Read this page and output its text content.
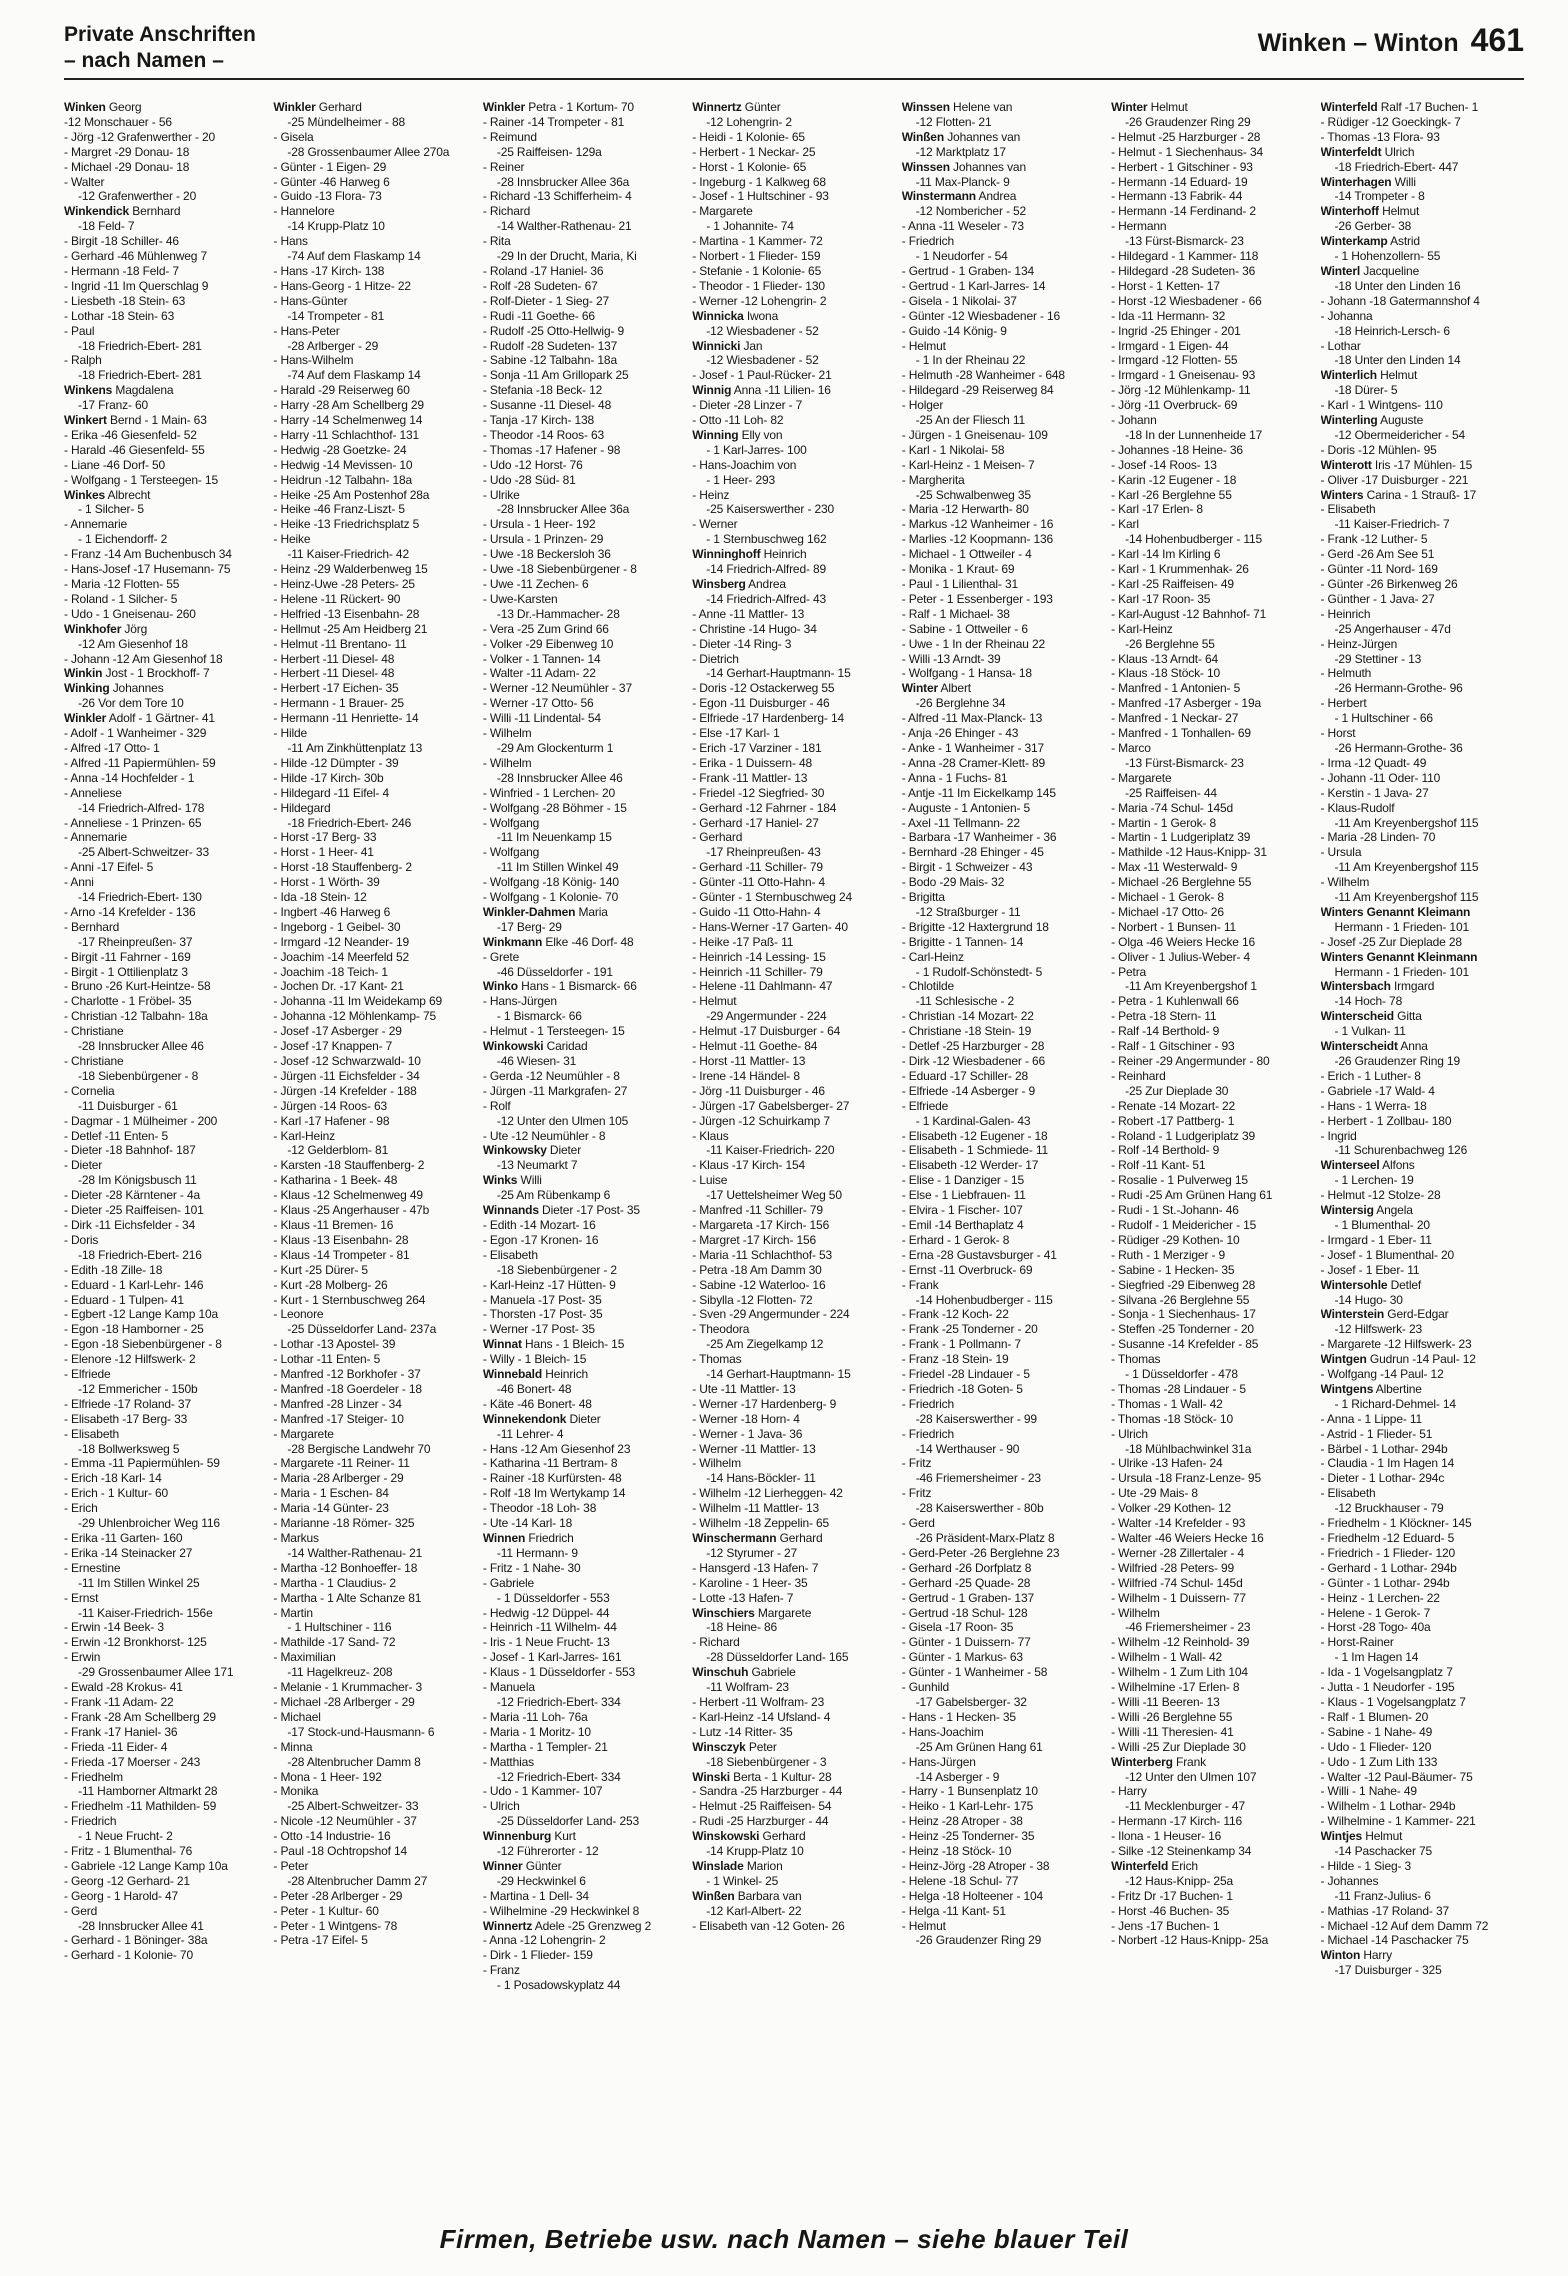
Private Anschriften
– nach Namen –
Winken – Winton 461
Winken Georg
-12 Monschauer - 56
- Jörg -12 Grafenwerther - 20
- Margret -29 Donau- 18
- Michael -29 Donau- 18
- Walter
-12 Grafenwerther - 20
Winkendick Bernhard
-18 Feld- 7
- Birgit -18 Schiller- 46
- Gerhard -46 Mühlenweg 7
- Hermann -18 Feld- 7
- Ingrid -11 Im Querschlag 9
- Liesbeth -18 Stein- 63
- Lothar -18 Stein- 63
- Paul
-18 Friedrich-Ebert- 281
- Ralph
-18 Friedrich-Ebert- 281
Winkens Magdalena
-17 Franz- 60
Winkert Bernd - 1 Main- 63
- Erika -46 Giesenfeld- 52
- Harald -46 Giesenfeld- 55
- Liane -46 Dorf- 50
- Wolfgang - 1 Tersteegen- 15
Winkes Albrecht
- 1 Silcher- 5
- Annemarie
- 1 Eichendorff- 2
- Franz -14 Am Buchenbusch 34
- Hans-Josef -17 Husemann- 75
- Maria -12 Flotten- 55
- Roland - 1 Silcher- 5
- Udo - 1 Gneisenau- 260
Winkhofer Jörg
-12 Am Giesenhof 18
- Johann -12 Am Giesenhof 18
Winkin Jost - 1 Brockhoff- 7
Winking Johannes
-26 Vor dem Tore 10
Winkler Adolf - 1 Gärtner- 41
- Adolf - 1 Wanheimer - 329
- Alfred -17 Otto- 1
- Alfred -11 Papiermühlen- 59
- Anna -14 Hochfelder - 1
- Anneliese
-14 Friedrich-Alfred- 178
- Anneliese - 1 Prinzen- 65
- Annemarie
-25 Albert-Schweitzer- 33
- Anni -17 Eifel- 5
- Anni
-14 Friedrich-Ebert- 130
- Arno -14 Krefelder - 136
- Bernhard
-17 Rheinpreußen- 37
- Birgit -11 Fahrner - 169
- Birgit - 1 Ottilienplatz 3
- Bruno -26 Kurt-Heintze- 58
- Charlotte - 1 Fröbel- 35
- Christian -12 Talbahn- 18a
- Christiane
-28 Innsbrucker Allee 46
- Christiane
-18 Siebenbürgener - 8
- Cornelia
-11 Duisburger - 61
- Dagmar - 1 Mülheimer - 200
- Detlef -11 Enten- 5
- Dieter -18 Bahnhof- 187
- Dieter
-28 Im Königsbusch 11
- Dieter -28 Kärntener - 4a
- Dieter -25 Raiffeisen- 101
- Dirk -11 Eichsfelder - 34
- Doris
-18 Friedrich-Ebert- 216
- Edith -18 Zille- 18
- Eduard - 1 Karl-Lehr- 146
- Eduard - 1 Tulpen- 41
- Egbert -12 Lange Kamp 10a
- Egon -18 Hamborner - 25
- Egon -18 Siebenbürgener - 8
- Elenore -12 Hilfswerk- 2
- Elfriede
-12 Emmericher - 150b
- Elfriede -17 Roland- 37
- Elisabeth -17 Berg- 33
- Elisabeth
-18 Bollwerksweg 5
- Emma -11 Papiermühlen- 59
- Erich -18 Karl- 14
- Erich - 1 Kultur- 60
- Erich
-29 Uhlenbroicher Weg 116
- Erika -11 Garten- 160
- Erika -14 Steinacker 27
- Ernestine
-11 Im Stillen Winkel 25
- Ernst
-11 Kaiser-Friedrich- 156e
- Erwin -14 Beek- 3
- Erwin -12 Bronkhorst- 125
- Erwin
-29 Grossenbaumer Allee 171
- Ewald -28 Krokus- 41
- Frank -11 Adam- 22
- Frank -28 Am Schellberg 29
- Frank -17 Haniel- 36
- Frieda -11 Eider- 4
- Frieda -17 Moerser - 243
- Friedhelm
-11 Hamborner Altmarkt 28
- Friedhelm -11 Mathilden- 59
- Friedrich
- 1 Neue Frucht- 2
- Fritz - 1 Blumenthal- 76
- Gabriele -12 Lange Kamp 10a
- Georg -12 Gerhard- 21
- Georg - 1 Harold- 47
- Gerd
-28 Innsbrucker Allee 41
- Gerhard - 1 Böninger- 38a
- Gerhard - 1 Kolonie- 70
Winkler Gerhard
-25 Mündelheimer - 88
- Gisela
-28 Grossenbaumer Allee 270a
- Günter - 1 Eigen- 29
- Günter -46 Harweg 6
- Guido -13 Flora- 73
- Hannelore
-14 Krupp-Platz 10
- Hans
-74 Auf dem Flaskamp 14
- Hans -17 Kirch- 138
- Hans-Georg - 1 Hitze- 22
- Hans-Günter
-14 Trompeter - 81
- Hans-Peter
-28 Arlberger - 29
- Hans-Wilhelm
-74 Auf dem Flaskamp 14
- Harald -29 Reiserweg 60
- Harry -28 Am Schellberg 29
- Harry -14 Schelmenweg 14
- Harry -11 Schlachthof- 131
- Hedwig -28 Goetzke- 24
- Hedwig -14 Mevissen- 10
- Heidrun -12 Talbahn- 18a
- Heike -25 Am Postenhof 28a
- Heike -46 Franz-Liszt- 5
- Heike -13 Friedrichsplatz 5
- Heike
-11 Kaiser-Friedrich- 42
- Heinz -29 Walderbenweg 15
- Heinz-Uwe -28 Peters- 25
- Helene -11 Rückert- 90
- Helfried -13 Eisenbahn- 28
- Hellmut -25 Am Heidberg 21
- Helmut -11 Brentano- 11
- Herbert -11 Diesel- 48
- Herbert -11 Diesel- 48
- Herbert -17 Eichen- 35
- Hermann - 1 Brauer- 25
- Hermann -11 Henriette- 14
- Hilde
-11 Am Zinkhüttenplatz 13
- Hilde -12 Dümpter - 39
- Hilde -17 Kirch- 30b
- Hildegard -11 Eifel- 4
- Hildegard
-18 Friedrich-Ebert- 246
- Horst -17 Berg- 33
- Horst - 1 Heer- 41
- Horst -18 Stauffenberg- 2
- Horst - 1 Wörth- 39
- Ida -18 Stein- 12
- Ingbert -46 Harweg 6
- Ingeborg - 1 Geibel- 30
- Irmgard -12 Neander- 19
- Joachim -14 Meerfeld 52
- Joachim -18 Teich- 1
- Jochen Dr. -17 Kant- 21
- Johanna -11 Im Weidekamp 69
- Johanna -12 Möhlenkamp- 75
- Josef -17 Asberger - 29
- Josef -17 Knappen- 7
- Josef -12 Schwarzwald- 10
- Jürgen -11 Eichsfelder - 34
- Jürgen -14 Krefelder - 188
- Jürgen -14 Roos- 63
- Karl -17 Hafener - 98
- Karl-Heinz
-12 Gelderblom- 81
- Karsten -18 Stauffenberg- 2
- Katharina - 1 Beek- 48
- Klaus -12 Schelmenweg 49
- Klaus -25 Angerhauser - 47b
- Klaus -11 Bremen- 16
- Klaus -13 Eisenbahn- 28
- Klaus -14 Trompeter - 81
- Kurt -25 Dürer- 5
- Kurt -28 Molberg- 26
- Kurt - 1 Sternbuschweg 264
- Leonore
-25 Düsseldorfer Land- 237a
- Lothar -13 Apostel- 39
- Lothar -11 Enten- 5
- Manfred -12 Borkhofer - 37
- Manfred -18 Goerdeler - 18
- Manfred -28 Linzer - 34
- Manfred -17 Steiger- 10
- Margarete
-28 Bergische Landwehr 70
- Margarete -11 Reiner- 11
- Maria -28 Arlberger - 29
- Maria - 1 Eschen- 84
- Maria -14 Günter- 23
- Marianne -18 Römer- 325
- Markus
-14 Walther-Rathenau- 21
- Martha -12 Bonhoeffer- 18
- Martha - 1 Claudius- 2
- Martha - 1 Alte Schanze 81
- Martin
- 1 Hultschiner - 116
- Mathilde -17 Sand- 72
- Maximilian
-11 Hagelkreuz- 208
- Melanie - 1 Krummacher- 3
- Michael -28 Arlberger - 29
- Michael
-17 Stock-und-Hausmann- 6
- Minna
-28 Altenbrucher Damm 8
- Mona - 1 Heer- 192
- Monika
-25 Albert-Schweitzer- 33
- Nicole -12 Neumühler - 37
- Otto -14 Industrie- 16
- Paul -18 Ochtropshof 14
- Peter
-28 Altenbrucher Damm 27
- Peter -28 Arlberger - 29
- Peter - 1 Kultur- 60
- Peter - 1 Wintgens- 78
- Petra -17 Eifel- 5
Winkler Petra - 1 Kortum- 70
- Rainer -14 Trompeter - 81
- Reimund
-25 Raiffeisen- 129a
- Reiner
-28 Innsbrucker Allee 36a
- Richard -13 Schifferheim- 4
- Richard
-14 Walther-Rathenau- 21
- Rita
-29 In der Drucht, Maria, Ki
- Roland -17 Haniel- 36
- Rolf -28 Sudeten- 67
- Rolf-Dieter - 1 Sieg- 27
- Rudi -11 Goethe- 66
- Rudolf -25 Otto-Hellwig- 9
- Rudolf -28 Sudeten- 137
- Sabine -12 Talbahn- 18a
- Sonja -11 Am Grillopark 25
- Stefania -18 Beck- 12
- Susanne -11 Diesel- 48
- Tanja -17 Kirch- 138
- Theodor -14 Roos- 63
- Thomas -17 Hafener - 98
- Udo -12 Horst- 76
- Udo -28 Süd- 81
- Ulrike
-28 Innsbrucker Allee 36a
- Ursula - 1 Heer- 192
- Ursula - 1 Prinzen- 29
- Uwe -18 Beckersloh 36
- Uwe -18 Siebenbürgener - 8
- Uwe -11 Zechen- 6
- Uwe-Karsten
-13 Dr.-Hammacher- 28
- Vera -25 Zum Grind 66
- Volker -29 Eibenweg 10
- Volker - 1 Tannen- 14
- Walter -11 Adam- 22
- Werner -12 Neumühler - 37
- Werner -17 Otto- 56
- Willi -11 Lindental- 54
- Wilhelm
-29 Am Glockenturm 1
- Wilhelm
-28 Innsbrucker Allee 46
- Winfried - 1 Lerchen- 20
- Wolfgang -28 Böhmer - 15
- Wolfgang
-11 Im Neuenkamp 15
- Wolfgang
-11 Im Stillen Winkel 49
- Wolfgang -18 König- 140
- Wolfgang - 1 Kolonie- 70
Winkler-Dahmen Maria
-17 Berg- 29
Winkmann Elke -46 Dorf- 48
- Grete
-46 Düsseldorfer - 191
Winko Hans - 1 Bismarck- 66
- Hans-Jürgen
- 1 Bismarck- 66
- Helmut - 1 Tersteegen- 15
Winkowski Caridad
-46 Wiesen- 31
- Gerda -12 Neumühler - 8
- Jürgen -11 Markgrafen- 27
- Rolf
-12 Unter den Ulmen 105
- Ute -12 Neumühler - 8
Winkowsky Dieter
-13 Neumarkt 7
Winks Willi
-25 Am Rübenkamp 6
Winnands Dieter -17 Post- 35
- Edith -14 Mozart- 16
- Egon -17 Kronen- 16
- Elisabeth
-18 Siebenbürgener - 2
- Karl-Heinz -17 Hütten- 9
- Manuela -17 Post- 35
- Thorsten -17 Post- 35
- Werner -17 Post- 35
Winnat Hans - 1 Bleich- 15
- Willy - 1 Bleich- 15
Winnebald Heinrich
-46 Bonert- 48
- Käte -46 Bonert- 48
Winnekendonk Dieter
-11 Lehrer- 4
- Hans -12 Am Giesenhof 23
- Katharina -11 Bertram- 8
- Rainer -18 Kurfürsten- 48
- Rolf -18 Im Wertykamp 14
- Theodor -18 Loh- 38
- Ute -14 Karl- 18
Winnen Friedrich
-11 Hermann- 9
- Fritz - 1 Nahe- 30
- Gabriele
- 1 Düsseldorfer - 553
- Hedwig -12 Düppel- 44
- Heinrich -11 Wilhelm- 44
- Iris - 1 Neue Frucht- 13
- Josef - 1 Karl-Jarres- 161
- Klaus - 1 Düsseldorfer - 553
- Manuela
-12 Friedrich-Ebert- 334
- Maria -11 Loh- 76a
- Maria - 1 Moritz- 10
- Martha - 1 Templer- 21
- Matthias
-12 Friedrich-Ebert- 334
- Udo - 1 Kammer- 107
- Ulrich
-25 Düsseldorfer Land- 253
Winnenburg Kurt
-12 Führerorter - 12
Winner Günter
-29 Heckwinkel 6
- Martina - 1 Dell- 34
- Wilhelmine -29 Heckwinkel 8
Winnertz Adele -25 Grenzweg 2
- Anna -12 Lohengrin- 2
- Dirk - 1 Flieder- 159
- Franz
- 1 Posadowskyplatz 44
Winnertz Günter
-12 Lohengrin- 2
- Heidi - 1 Kolonie- 65
- Herbert - 1 Neckar- 25
- Horst - 1 Kolonie- 65
- Ingeburg - 1 Kalkweg 68
- Josef - 1 Hultschiner - 93
- Margarete
- 1 Johannite- 74
- Martina - 1 Kammer- 72
- Norbert - 1 Flieder- 159
- Stefanie - 1 Kolonie- 65
- Theodor - 1 Flieder- 130
- Werner -12 Lohengrin- 2
Winnicka Iwona
-12 Wiesbadener - 52
Winnicki Jan
-12 Wiesbadener - 52
- Josef - 1 Paul-Rücker- 21
Winnig Anna -11 Lilien- 16
- Dieter -28 Linzer - 7
- Otto -11 Loh- 82
Winning Elly von
- 1 Karl-Jarres- 100
- Hans-Joachim von
- 1 Heer- 293
- Heinz
-25 Kaiserswerther - 230
- Werner
- 1 Sternbuschweg 162
Winninghoff Heinrich
-14 Friedrich-Alfred- 89
Winsberg Andrea
-14 Friedrich-Alfred- 43
- Anne -11 Mattler- 13
- Christine -14 Hugo- 34
- Dieter -14 Ring- 3
- Dietrich
-14 Gerhart-Hauptmann- 15
- Doris -12 Ostackerweg 55
- Egon -11 Duisburger - 46
- Elfriede -17 Hardenberg- 14
- Else -17 Karl- 1
- Erich -17 Varziner - 181
- Erika - 1 Duissern- 48
- Frank -11 Mattler- 13
- Friedel -12 Siegfried- 30
- Gerhard -12 Fahrner - 184
- Gerhard -17 Haniel- 27
- Gerhard
-17 Rheinpreußen- 43
- Gerhard -11 Schiller- 79
- Günter -11 Otto-Hahn- 4
- Günter - 1 Sternbuschweg 24
- Guido -11 Otto-Hahn- 4
- Hans-Werner -17 Garten- 40
- Heike -17 Paß- 11
- Heinrich -14 Lessing- 15
- Heinrich -11 Schiller- 79
- Helene -11 Dahlmann- 47
- Helmut
-29 Angermunder - 224
- Helmut -17 Duisburger - 64
- Helmut -11 Goethe- 84
- Horst -11 Mattler- 13
- Irene -14 Händel- 8
- Jörg -11 Duisburger - 46
- Jürgen -17 Gabelsberger- 27
- Jürgen -12 Schuirkamp 7
- Klaus
-11 Kaiser-Friedrich- 220
- Klaus -17 Kirch- 154
- Luise
-17 Uettelsheimer Weg 50
- Manfred -11 Schiller- 79
- Margareta -17 Kirch- 156
- Margret -17 Kirch- 156
- Maria -11 Schlachthof- 53
- Petra -18 Am Damm 30
- Sabine -12 Waterloo- 16
- Sibylla -12 Flotten- 72
- Sven -29 Angermunder - 224
- Theodora
-25 Am Ziegelkamp 12
- Thomas
-14 Gerhart-Hauptmann- 15
- Ute -11 Mattler- 13
- Werner -17 Hardenberg- 9
- Werner -18 Horn- 4
- Werner - 1 Java- 36
- Werner -11 Mattler- 13
- Wilhelm
-14 Hans-Böckler- 11
- Wilhelm -12 Lierheggen- 42
- Wilhelm -11 Mattler- 13
- Wilhelm -18 Zeppelin- 65
Winschermann Gerhard
-12 Styrumer - 27
- Hansgerd -13 Hafen- 7
- Karoline - 1 Heer- 35
- Lotte -13 Hafen- 7
Winschiers Margarete
-18 Heine- 86
- Richard
-28 Düsseldorfer Land- 165
Winschuh Gabriele
-11 Wolfram- 23
- Herbert -11 Wolfram- 23
- Karl-Heinz -14 Ufsland- 4
- Lutz -14 Ritter- 35
Winsczyk Peter
-18 Siebenbürgener - 3
Winski Berta - 1 Kultur- 28
- Sandra -25 Harzburger - 44
- Helmut -25 Raiffeisen- 54
- Rudi -25 Harzburger - 44
Winskowski Gerhard
-14 Krupp-Platz 10
Winslade Marion
- 1 Winkel- 25
Winßen Barbara van
-12 Karl-Albert- 22
- Elisabeth van -12 Goten- 26
Winssen Helene van
-12 Flotten- 21
Winßen Johannes van
-12 Marktplatz 17
Winssen Johannes van
-11 Max-Planck- 9
Winstermann Andrea
-12 Nombericher - 52
- Anna -11 Weseler - 73
- Friedrich
- 1 Neudorfer - 54
- Gertrud - 1 Graben- 134
- Gertrud - 1 Karl-Jarres- 14
- Gisela - 1 Nikolai- 37
- Günter -12 Wiesbadener - 16
- Guido -14 König- 9
- Helmut
- 1 In der Rheinau 22
- Helmuth -28 Wanheimer - 648
- Hildegard -29 Reiserweg 84
- Holger
-25 An der Fliesch 11
- Jürgen - 1 Gneisenau- 109
- Karl - 1 Nikolai- 58
- Karl-Heinz - 1 Meisen- 7
- Margherita
-25 Schwalbenweg 35
- Maria -12 Herwarth- 80
- Markus -12 Wanheimer - 16
- Marlies -12 Koopmann- 136
- Michael - 1 Ottweiler - 4
- Monika - 1 Kraut- 69
- Paul - 1 Lilienthal- 31
- Peter - 1 Essenberger - 193
- Ralf - 1 Michael- 38
- Sabine - 1 Ottweiler - 6
- Uwe - 1 In der Rheinau 22
- Willi -13 Arndt- 39
- Wolfgang - 1 Hansa- 18
Winter Albert
-26 Berglehne 34
- Alfred -11 Max-Planck- 13
- Anja -26 Ehinger - 43
- Anke - 1 Wanheimer - 317
- Anna -28 Cramer-Klett- 89
- Anna - 1 Fuchs- 81
- Antje -11 Im Eickelkamp 145
- Auguste - 1 Antonien- 5
- Axel -11 Tellmann- 22
- Barbara -17 Wanheimer - 36
- Bernhard -28 Ehinger - 45
- Birgit - 1 Schweizer - 43
- Bodo -29 Mais- 32
- Brigitta
-12 Straßburger - 11
- Brigitte -12 Haxtergrund 18
- Brigitte - 1 Tannen- 14
- Carl-Heinz
- 1 Rudolf-Schönstedt- 5
- Chlotilde
-11 Schlesische - 2
- Christian -14 Mozart- 22
- Christiane -18 Stein- 19
- Detlef -25 Harzburger - 28
- Dirk -12 Wiesbadener - 66
- Eduard -17 Schiller- 28
- Elfriede -14 Asberger - 9
- Elfriede
- 1 Kardinal-Galen- 43
- Elisabeth -12 Eugener - 18
- Elisabeth - 1 Schmiede- 11
- Elisabeth -12 Werder- 17
- Elise - 1 Danziger - 15
- Else - 1 Liebfrauen- 11
- Elvira - 1 Fischer- 107
- Emil -14 Berthaplatz 4
- Erhard - 1 Gerok- 8
- Erna -28 Gustavsburger - 41
- Ernst -11 Overbruck- 69
- Frank
-14 Hohenbudberger - 115
- Frank -12 Koch- 22
- Frank -25 Tonderner - 20
- Frank - 1 Pollmann- 7
- Franz -18 Stein- 19
- Friedel -28 Lindauer - 5
- Friedrich -18 Goten- 5
- Friedrich
-28 Kaiserswerther - 99
- Friedrich
-14 Werthauser - 90
- Fritz
-46 Friemersheimer - 23
- Fritz
-28 Kaiserswerther - 80b
- Gerd
-26 Präsident-Marx-Platz 8
- Gerd-Peter -26 Berglehne 23
- Gerhard -26 Dorfplatz 8
- Gerhard -25 Quade- 28
- Gertrud - 1 Graben- 137
- Gertrud -18 Schul- 128
- Gisela -17 Roon- 35
- Günter - 1 Duissern- 77
- Günter - 1 Markus- 63
- Günter - 1 Wanheimer - 58
- Gunhild
-17 Gabelsberger- 32
- Hans - 1 Hecken- 35
- Hans-Joachim
-25 Am Grünen Hang 61
- Hans-Jürgen
-14 Asberger - 9
- Harry - 1 Bunsenplatz 10
- Heiko - 1 Karl-Lehr- 175
- Heinz -28 Atroper - 38
- Heinz -25 Tonderner- 35
- Heinz -18 Stöck- 10
- Heinz-Jörg -28 Atroper - 38
- Helene -18 Schul- 77
- Helga -18 Holteener - 104
- Helga -11 Kant- 51
- Helmut
-26 Graudenzer Ring 29
Winter Helmut
-26 Graudenzer Ring 29
- Helmut -25 Harzburger - 28
- Helmut - 1 Siechenhaus- 34
- Herbert - 1 Gitschiner - 93
- Hermann -14 Eduard- 19
- Hermann -13 Fabrik- 44
- Hermann -14 Ferdinand- 2
- Hermann
-13 Fürst-Bismarck- 23
- Hildegard - 1 Kammer- 118
- Hildegard -28 Sudeten- 36
- Horst - 1 Ketten- 17
- Horst -12 Wiesbadener - 66
- Ida -11 Hermann- 32
- Ingrid -25 Ehinger - 201
- Irmgard - 1 Eigen- 44
- Irmgard -12 Flotten- 55
- Irmgard - 1 Gneisenau- 93
- Jörg -12 Mühlenkamp- 11
- Jörg -11 Overbruck- 69
- Johann
-18 In der Lunnenheide 17
- Johannes -18 Heine- 36
- Josef -14 Roos- 13
- Karin -12 Eugener - 18
- Karl -26 Berglehne 55
- Karl -17 Erlen- 8
- Karl
-14 Hohenbudberger - 115
- Karl -14 Im Kirling 6
- Karl - 1 Krummenhak- 26
- Karl -25 Raiffeisen- 49
- Karl -17 Roon- 35
- Karl-August -12 Bahnhof- 71
- Karl-Heinz
-26 Berglehne 55
- Klaus -13 Arndt- 64
- Klaus -18 Stöck- 10
- Manfred - 1 Antonien- 5
- Manfred -17 Asberger - 19a
- Manfred - 1 Neckar- 27
- Manfred - 1 Tonhallen- 69
- Marco
-13 Fürst-Bismarck- 23
- Margarete
-25 Raiffeisen- 44
- Maria -74 Schul- 145d
- Martin - 1 Gerok- 8
- Martin - 1 Ludgeriplatz 39
- Mathilde -12 Haus-Knipp- 31
- Max -11 Westerwald- 9
- Michael -26 Berglehne 55
- Michael - 1 Gerok- 8
- Michael -17 Otto- 26
- Norbert - 1 Bunsen- 11
- Olga -46 Weiers Hecke 16
- Oliver - 1 Julius-Weber- 4
- Petra
-11 Am Kreyenbergshof 1
- Petra - 1 Kuhlenwall 66
- Petra -18 Stern- 11
- Ralf -14 Berthold- 9
- Ralf - 1 Gitschiner - 93
- Reiner -29 Angermunder - 80
- Reinhard
-25 Zur Dieplade 30
- Renate -14 Mozart- 22
- Robert -17 Pattberg- 1
- Roland - 1 Ludgeriplatz 39
- Rolf -14 Berthold- 9
- Rolf -11 Kant- 51
- Rosalie - 1 Pulverweg 15
- Rudi -25 Am Grünen Hang 61
- Rudi - 1 St.-Johann- 46
- Rudolf - 1 Meidericher - 15
- Rüdiger -29 Kothen- 10
- Ruth - 1 Merziger - 9
- Sabine - 1 Hecken- 35
- Siegfried -29 Eibenweg 28
- Silvana -26 Berglehne 55
- Sonja - 1 Siechenhaus- 17
- Steffen -25 Tonderner - 20
- Susanne -14 Krefelder - 85
- Thomas
- 1 Düsseldorfer - 478
- Thomas -28 Lindauer - 5
- Thomas - 1 Wall- 42
- Thomas -18 Stöck- 10
- Ulrich
-18 Mühlbachwinkel 31a
- Ulrike -13 Hafen- 24
- Ursula -18 Franz-Lenze- 95
- Ute -29 Mais- 8
- Volker -29 Kothen- 12
- Walter -14 Krefelder - 93
- Walter -46 Weiers Hecke 16
- Werner -28 Zillertaler - 4
- Wilfried -28 Peters- 99
- Wilfried -74 Schul- 145d
- Wilhelm - 1 Duissern- 77
- Wilhelm
-46 Friemersheimer - 23
- Wilhelm -12 Reinhold- 39
- Wilhelm - 1 Wall- 42
- Wilhelm - 1 Zum Lith 104
- Wilhelmine -17 Erlen- 8
- Willi -11 Beeren- 13
- Willi -26 Berglehne 55
- Willi -11 Theresien- 41
- Willi -25 Zur Dieplade 30
Winterberg Frank
-12 Unter den Ulmen 107
- Harry
-11 Mecklenburger - 47
- Hermann -17 Kirch- 116
- Ilona - 1 Heuser- 16
- Silke -12 Steinenkamp 34
Winterfeld Erich
-12 Haus-Knipp- 25a
- Fritz Dr -17 Buchen- 1
- Horst -46 Buchen- 35
- Jens -17 Buchen- 1
- Norbert -12 Haus-Knipp- 25a
Winterfeld Ralf -17 Buchen- 1
- Rüdiger -12 Goeckingk- 7
- Thomas -13 Flora- 93
Winterfeldt Ulrich
-18 Friedrich-Ebert- 447
Winterhagen Willi
-14 Trompeter - 8
Winterhoff Helmut
-26 Gerber- 38
Winterkamp Astrid
- 1 Hohenzollern- 55
Winterl Jacqueline
-18 Unter den Linden 16
- Johann -18 Gatermannshof 4
- Johanna
-18 Heinrich-Lersch- 6
- Lothar
-18 Unter den Linden 14
Winterlich Helmut
-18 Dürer- 5
- Karl - 1 Wintgens- 110
Winterling Auguste
-12 Obermeidericher - 54
- Doris -12 Mühlen- 95
Winterott Iris -17 Mühlen- 15
- Oliver -17 Duisburger - 221
Winters Carina - 1 Strauß- 17
- Elisabeth
-11 Kaiser-Friedrich- 7
- Frank -12 Luther- 5
- Gerd -26 Am See 51
- Günter -11 Nord- 169
- Günter -26 Birkenweg 26
- Günther - 1 Java- 27
- Heinrich
-25 Angerhauser - 47d
- Heinz-Jürgen
-29 Stettiner - 13
- Helmuth
-26 Hermann-Grothe- 96
- Herbert
- 1 Hultschiner - 66
- Horst
-26 Hermann-Grothe- 36
- Irma -12 Quadt- 49
- Johann -11 Oder- 110
- Kerstin - 1 Java- 27
- Klaus-Rudolf
-11 Am Kreyenbergshof 115
- Maria -28 Linden- 70
- Ursula
-11 Am Kreyenbergshof 115
- Wilhelm
-11 Am Kreyenbergshof 115
Winters Genannt Kleimann
Hermann - 1 Frieden- 101
- Josef -25 Zur Dieplade 28
Winters Genannt Kleinmann
Hermann - 1 Frieden- 101
Wintersbach Irmgard
-14 Hoch- 78
Winterscheid Gitta
- 1 Vulkan- 11
Winterscheidt Anna
-26 Graudenzer Ring 19
- Erich - 1 Luther- 8
- Gabriele -17 Wald- 4
- Hans - 1 Werra- 18
- Herbert - 1 Zollbau- 180
- Ingrid
-11 Schurenbachweg 126
Winterseel Alfons
- 1 Lerchen- 19
- Helmut -12 Stolze- 28
Wintersig Angela
- 1 Blumenthal- 20
- Irmgard - 1 Eber- 11
- Josef - 1 Blumenthal- 20
- Josef - 1 Eber- 11
Wintersohle Detlef
-14 Hugo- 30
Winterstein Gerd-Edgar
-12 Hilfswerk- 23
- Margarete -12 Hilfswerk- 23
Wintgen Gudrun -14 Paul- 12
- Wolfgang -14 Paul- 12
Wintgens Albertine
- 1 Richard-Dehmel- 14
- Anna - 1 Lippe- 11
- Astrid - 1 Flieder- 51
- Bärbel - 1 Lothar- 294b
- Claudia - 1 Im Hagen 14
- Dieter - 1 Lothar- 294c
- Elisabeth
-12 Bruckhauser - 79
- Friedhelm - 1 Klöckner- 145
- Friedhelm -12 Eduard- 5
- Friedrich - 1 Flieder- 120
- Gerhard - 1 Lothar- 294b
- Günter - 1 Lothar- 294b
- Heinz - 1 Lerchen- 22
- Helene - 1 Gerok- 7
- Horst -28 Togo- 40a
- Horst-Rainer
- 1 Im Hagen 14
- Ida - 1 Vogelsangplatz 7
- Jutta - 1 Neudorfer - 195
- Klaus - 1 Vogelsangplatz 7
- Ralf - 1 Blumen- 20
- Sabine - 1 Nahe- 49
- Udo - 1 Flieder- 120
- Udo - 1 Zum Lith 133
- Walter -12 Paul-Bäumer- 75
- Willi - 1 Nahe- 49
- Wilhelm - 1 Lothar- 294b
- Wilhelmine - 1 Kammer- 221
Wintjes Helmut
-14 Paschacker 75
- Hilde - 1 Sieg- 3
- Johannes
-11 Franz-Julius- 6
- Mathias -17 Roland- 37
- Michael -12 Auf dem Damm 72
- Michael -14 Paschacker 75
Winton Harry
-17 Duisburger - 325
Firmen, Betriebe usw. nach Namen – siehe blauer Teil
